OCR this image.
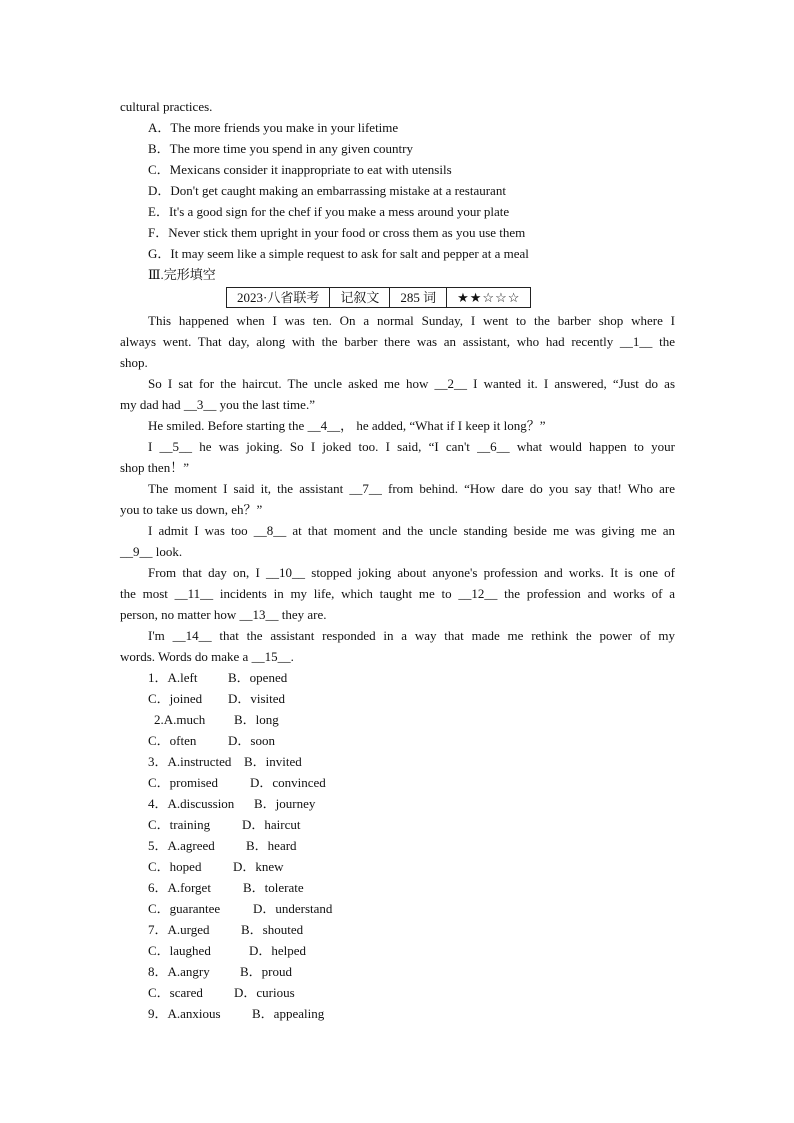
cultural practices.
A．The more friends you make in your lifetime
B．The more time you spend in any given country
C．Mexicans consider it inappropriate to eat with utensils
D．Don't get caught making an embarrassing mistake at a restaurant
E．It's a good sign for the chef if you make a mess around your plate
F．Never stick them upright in your food or cross them as you use them
G．It may seem like a simple request to ask for salt and pepper at a meal
Ⅲ.完形填空
2023·八省联考	记叙文	285 词	★★☆☆☆
This happened when I was ten. On a normal Sunday, I went to the barber shop where I
always went. That day, along with the barber there was an assistant, who had recently __1__ the
shop.
So I sat for the haircut. The uncle asked me how __2__ I wanted it. I answered, “Just do as
my dad had __3__ you the last time.”
He smiled. Before starting the __4__， he added, “What if I keep it long？”
I __5__ he was joking. So I joked too. I said, “I can't __6__ what would happen to your
shop then！”
The moment I said it, the assistant __7__ from behind. “How dare do you say that! Who are
you to take us down, eh？”
I admit I was too __8__ at that moment and the uncle standing beside me was giving me an
__9__ look.
From that day on, I __10__ stopped joking about anyone's profession and works. It is one of
the most __11__ incidents in my life, which taught me to __12__ the profession and works of a
person, no matter how __13__ they are.
I'm __14__ that the assistant responded in a way that made me rethink the power of my
words. Words do make a __15__.
1．A.left B．opened
C．joined D．visited
2.A.much B．long
C．often D．soon
3．A.instructed B．invited
C．promised D．convinced
4．A.discussion B．journey
C．training D．haircut
5．A.agreed B．heard
C．hoped D．knew
6．A.forget B．tolerate
C．guarantee	D．understand
7．A.urged B．shouted
C．laughed	D．helped
8．A.angry B．proud
C．scared D．curious
9．A.anxious B．appealing
